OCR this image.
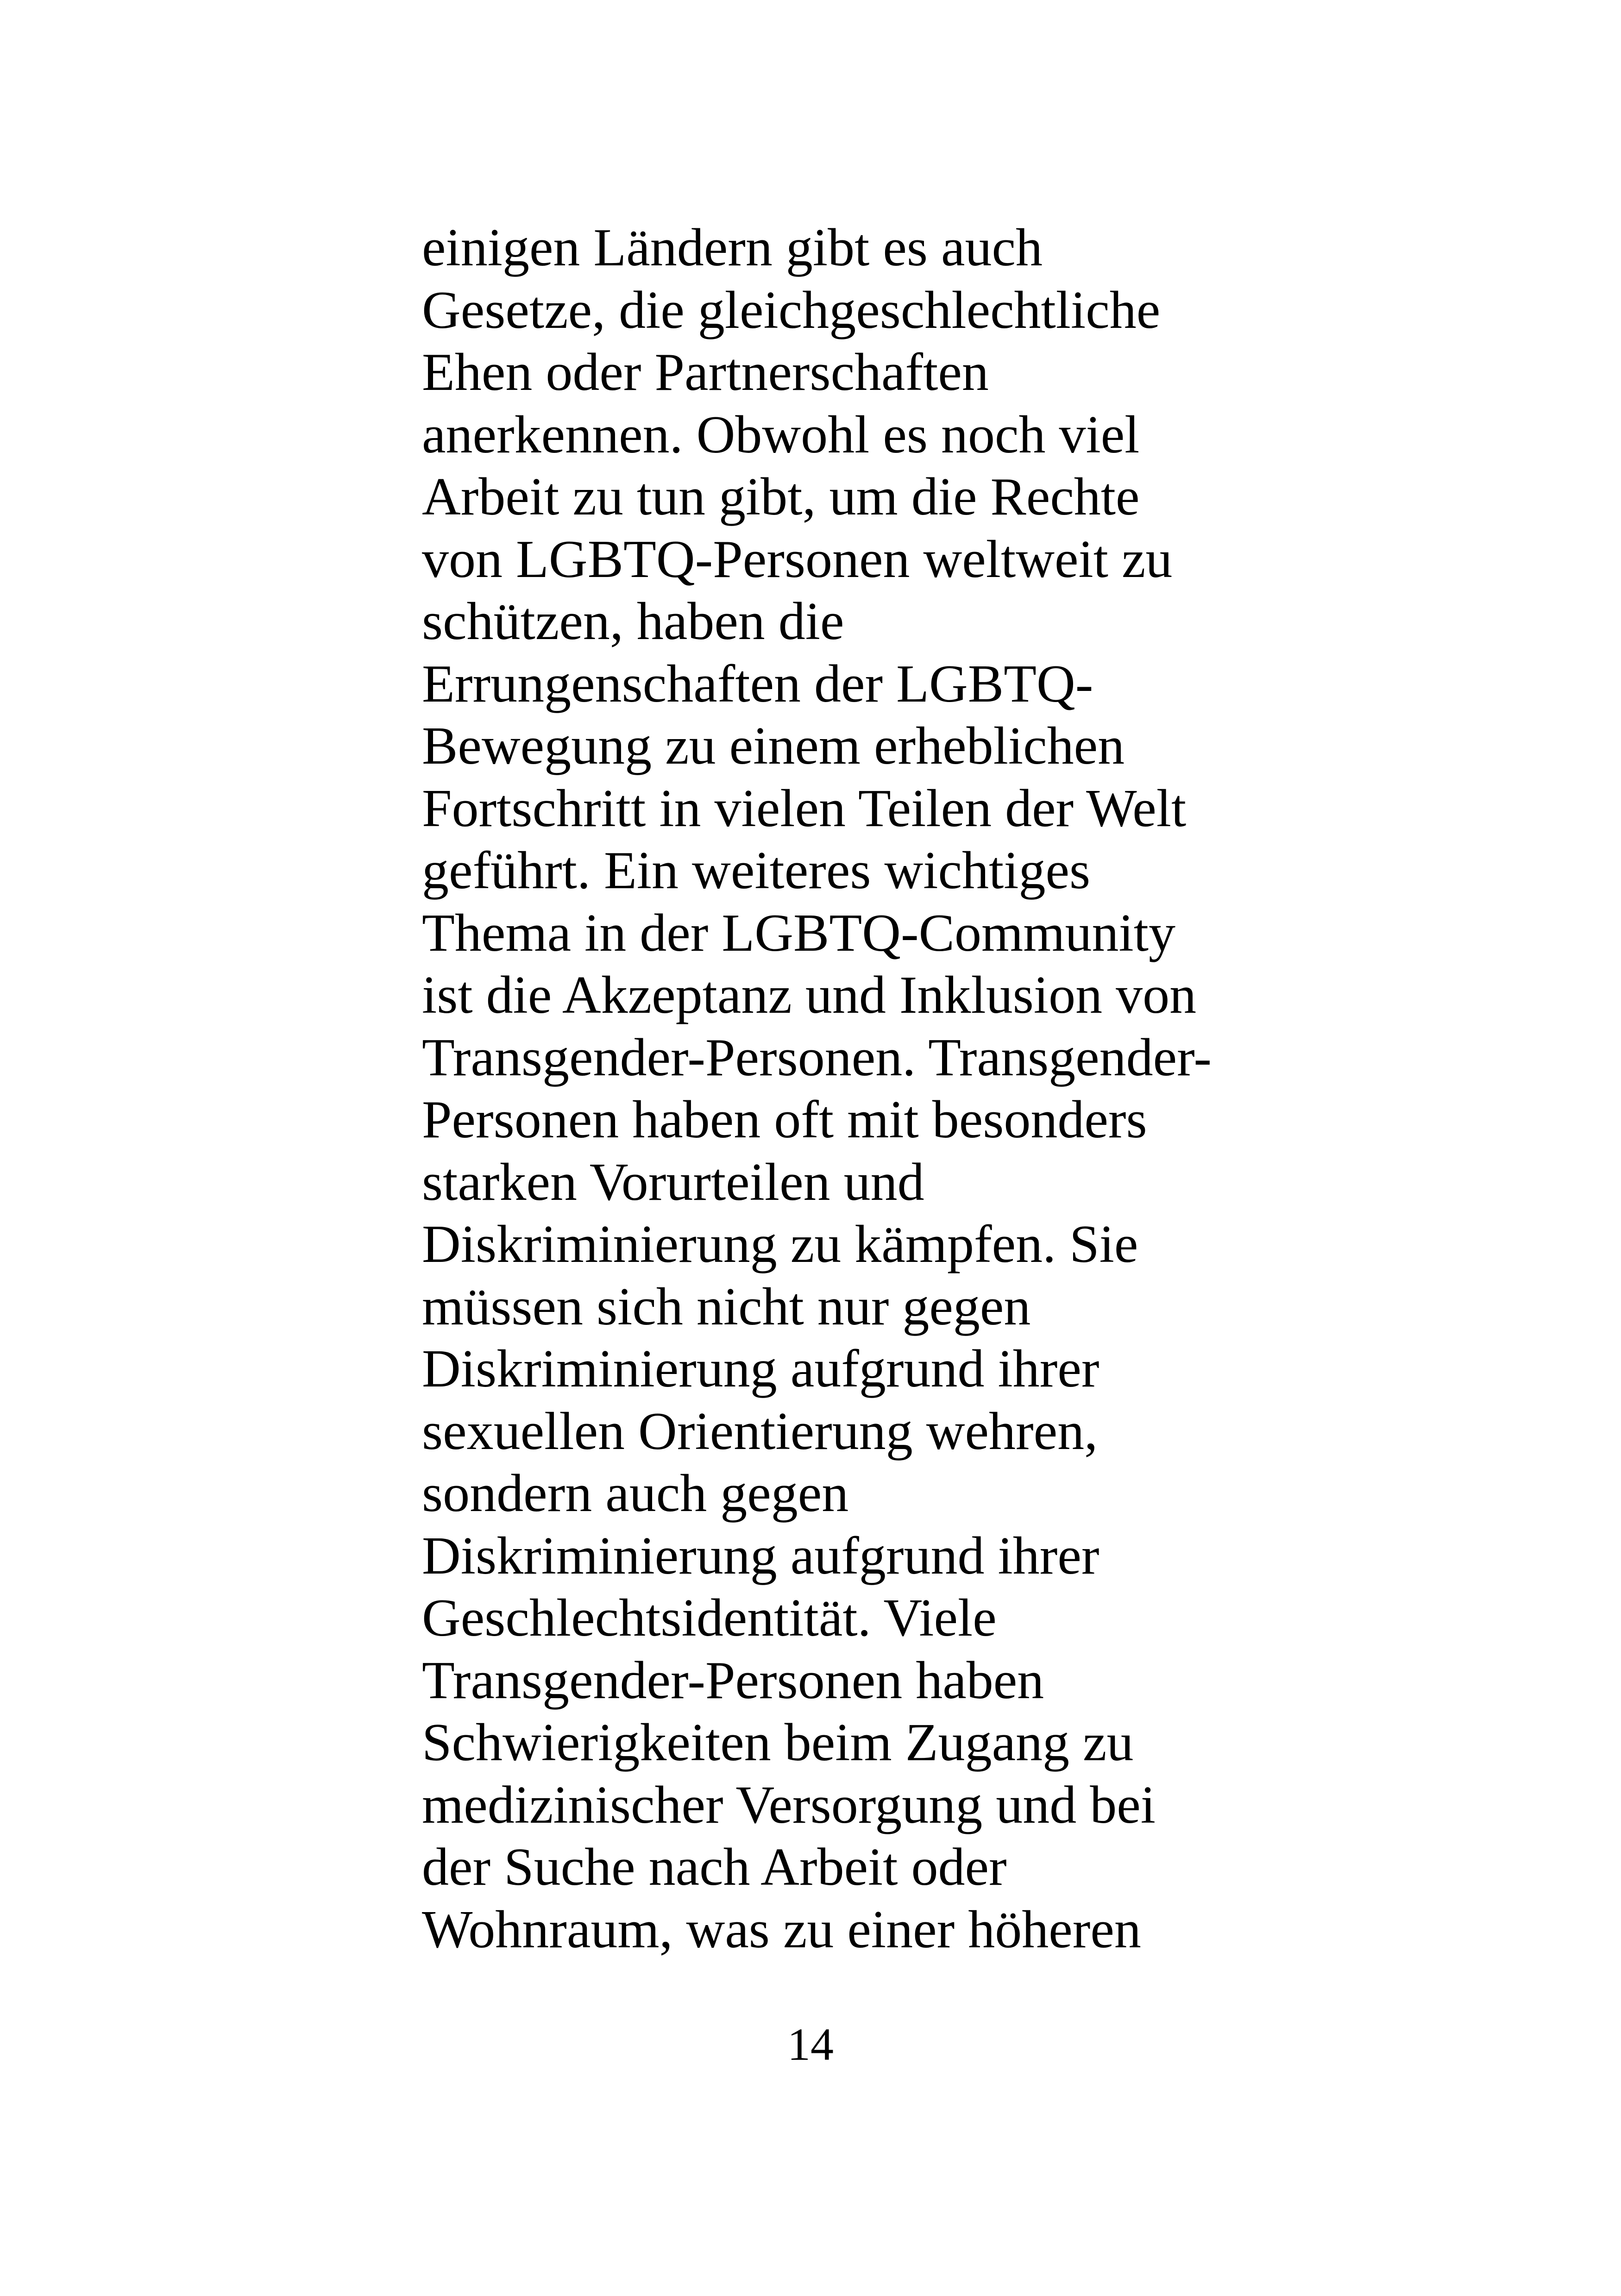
einigen Ländern gibt es auch
Gesetze, die gleichgeschlechtliche
Ehen oder Partnerschaften
anerkennen. Obwohl es noch viel
Arbeit zu tun gibt, um die Rechte
von LGBTQ-Personen weltweit zu
schützen, haben die
Errungenschaften der LGBTQ-
Bewegung zu einem erheblichen
Fortschritt in vielen Teilen der Welt
geführt. Ein weiteres wichtiges
Thema in der LGBTQ-Community
ist die Akzeptanz und Inklusion von
Transgender-Personen. Transgender-
Personen haben oft mit besonders
starken Vorurteilen und
Diskriminierung zu kämpfen. Sie
müssen sich nicht nur gegen
Diskriminierung aufgrund ihrer
sexuellen Orientierung wehren,
sondern auch gegen
Diskriminierung aufgrund ihrer
Geschlechtsidentität. Viele
Transgender-Personen haben
Schwierigkeiten beim Zugang zu
medizinischer Versorgung und bei
der Suche nach Arbeit oder
Wohnraum, was zu einer höheren
14
